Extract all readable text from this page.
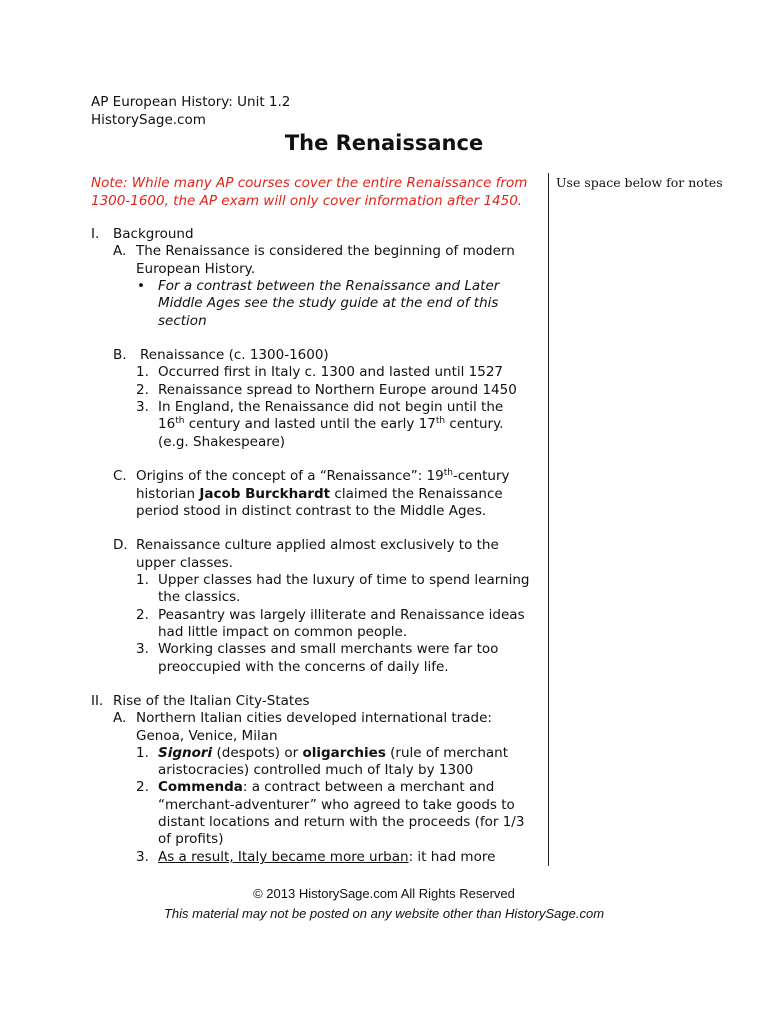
AP European History: Unit 1.2
HistorySage.com
The Renaissance
Note: While many AP courses cover the entire Renaissance from 1300-1600, the AP exam will only cover information after 1450.
Use space below for notes
I. Background
A. The Renaissance is considered the beginning of modern
European History.
• For a contrast between the Renaissance and Later
Middle Ages see the study guide at the end of this
section
B. Renaissance (c. 1300-1600)
1. Occurred first in Italy c. 1300 and lasted until 1527
2. Renaissance spread to Northern Europe around 1450
3. In England, the Renaissance did not begin until the
16th century and lasted until the early 17th century.
(e.g. Shakespeare)
C. Origins of the concept of a “Renaissance”: 19th-century
historian Jacob Burckhardt claimed the Renaissance
period stood in distinct contrast to the Middle Ages.
D. Renaissance culture applied almost exclusively to the
upper classes.
1. Upper classes had the luxury of time to spend learning
the classics.
2. Peasantry was largely illiterate and Renaissance ideas
had little impact on common people.
3. Working classes and small merchants were far too
preoccupied with the concerns of daily life.
II. Rise of the Italian City-States
A. Northern Italian cities developed international trade:
Genoa, Venice, Milan
1. Signori (despots) or oligarchies (rule of merchant
aristocracies) controlled much of Italy by 1300
2. Commenda: a contract between a merchant and
“merchant-adventurer” who agreed to take goods to
distant locations and return with the proceeds (for 1/3
of profits)
3. As a result, Italy became more urban: it had more
© 2013 HistorySage.com All Rights Reserved
This material may not be posted on any website other than HistorySage.com
